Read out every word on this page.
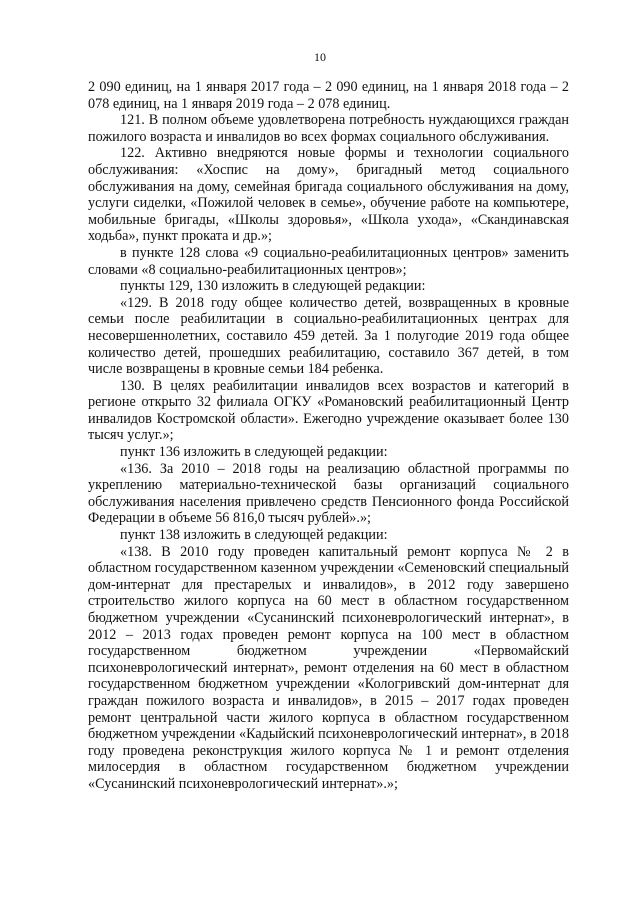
10

2 090 единиц, на 1 января 2017 года – 2 090 единиц, на 1 января 2018 года – 2 078 единиц, на 1 января 2019 года – 2 078 единиц.

121. В полном объеме удовлетворена потребность нуждающихся граждан пожилого возраста и инвалидов во всех формах социального обслуживания.

122. Активно внедряются новые формы и технологии социального обслуживания: «Хоспис на дому», бригадный метод социального обслуживания на дому, семейная бригада социального обслуживания на дому, услуги сиделки, «Пожилой человек в семье», обучение работе на компьютере, мобильные бригады, «Школы здоровья», «Школа ухода», «Скандинавская ходьба», пункт проката и др.»;

в пункте 128 слова «9 социально-реабилитационных центров» заменить словами «8 социально-реабилитационных центров»;

пункты 129, 130 изложить в следующей редакции:

«129. В 2018 году общее количество детей, возвращенных в кровные семьи после реабилитации в социально-реабилитационных центрах для несовершеннолетних, составило 459 детей. За 1 полугодие 2019 года общее количество детей, прошедших реабилитацию, составило 367 детей, в том числе возвращены в кровные семьи 184 ребенка.

130. В целях реабилитации инвалидов всех возрастов и категорий в регионе открыто 32 филиала ОГКУ «Романовский реабилитационный Центр инвалидов Костромской области». Ежегодно учреждение оказывает более 130 тысяч услуг.»;

пункт 136 изложить в следующей редакции:

«136. За 2010 – 2018 годы на реализацию областной программы по укреплению материально-технической базы организаций социального обслуживания населения привлечено средств Пенсионного фонда Российской Федерации в объеме 56 816,0 тысяч рублей».»;

пункт 138 изложить в следующей редакции:

«138. В 2010 году проведен капитальный ремонт корпуса № 2 в областном государственном казенном учреждении «Семеновский специальный дом-интернат для престарелых и инвалидов», в 2012 году завершено строительство жилого корпуса на 60 мест в областном государственном бюджетном учреждении «Сусанинский психоневрологический интернат», в 2012 – 2013 годах проведен ремонт корпуса на 100 мест в областном государственном бюджетном учреждении «Первомайский психоневрологический интернат», ремонт отделения на 60 мест в областном государственном бюджетном учреждении «Кологривский дом-интернат для граждан пожилого возраста и инвалидов», в 2015 – 2017 годах проведен ремонт центральной части жилого корпуса в областном государственном бюджетном учреждении «Кадыйский психоневрологический интернат», в 2018 году проведена реконструкция жилого корпуса № 1 и ремонт отделения милосердия в областном государственном бюджетном учреждении «Сусанинский психоневрологический интернат».»;
